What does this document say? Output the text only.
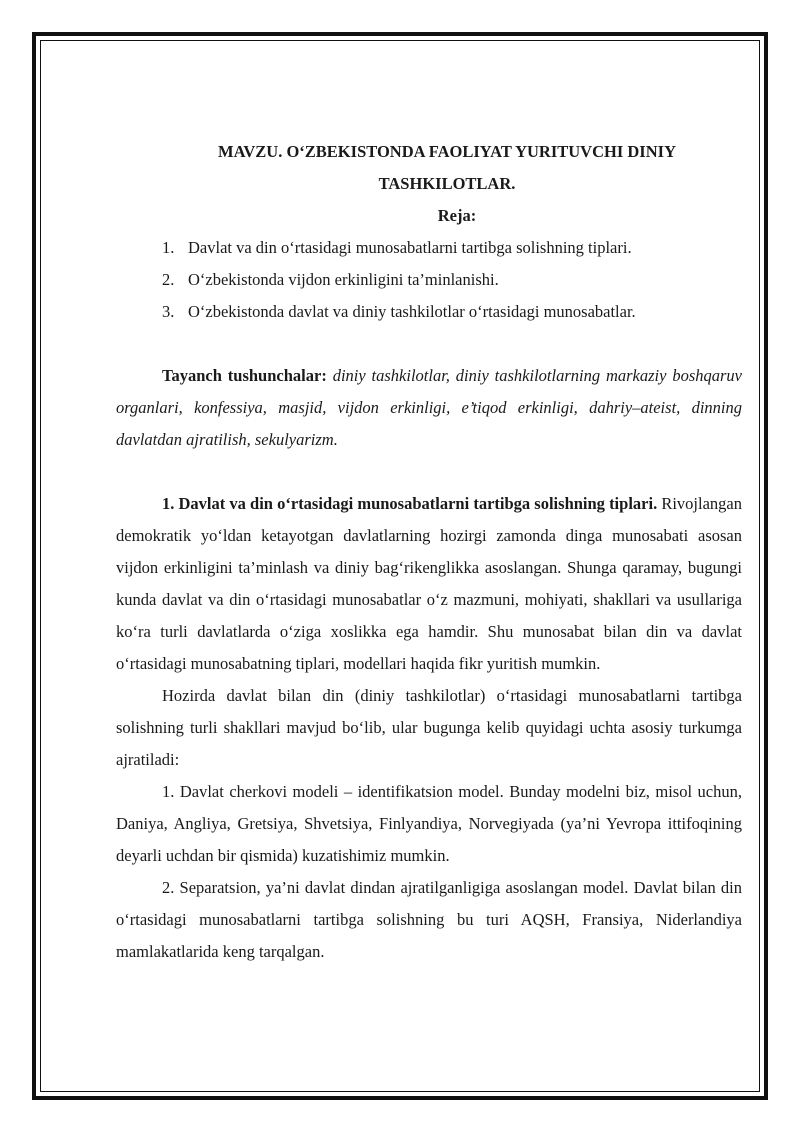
MAVZU. O‘ZBEKISTONDA FAOLIYAT YURITUVCHI DINIY
TASHKILOTLAR.
Reja:
1. Davlat va din o‘rtasidagi munosabatlarni tartibga solishning tiplari.
2. O‘zbekistonda vijdon erkinligini ta’minlanishi.
3. O‘zbekistonda davlat va diniy tashkilotlar o‘rtasidagi munosabatlar.

Tayanch tushunchalar: diniy tashkilotlar, diniy tashkilotlarning markaziy boshqaruv organlari, konfessiya, masjid, vijdon erkinligi, e’tiqod erkinligi, dahriy–ateist, dinning davlatdan ajratilish, sekulyarizm.

1. Davlat va din o‘rtasidagi munosabatlarni tartibga solishning tiplari. Rivojlangan demokratik yo‘ldan ketayotgan davlatlarning hozirgi zamonda dinga munosabati asosan vijdon erkinligini ta’minlash va diniy bag‘rikenglikka asoslangan. Shunga qaramay, bugungi kunda davlat va din o‘rtasidagi munosabatlar o‘z mazmuni, mohiyati, shakllari va usullariga ko‘ra turli davlatlarda o‘ziga xoslikka ega hamdir. Shu munosabat bilan din va davlat o‘rtasidagi munosabatning tiplari, modellari haqida fikr yuritish mumkin.

Hozirda davlat bilan din (diniy tashkilotlar) o‘rtasidagi munosabatlarni tartibga solishning turli shakllari mavjud bo‘lib, ular bugunga kelib quyidagi uchta asosiy turkumga ajratiladi:

1. Davlat cherkovi modeli – identifikatsion model. Bunday modelni biz, misol uchun, Daniya, Angliya, Gretsiya, Shvetsiya, Finlyandiya, Norvegiyada (ya’ni Yevropa ittifoqining deyarli uchdan bir qismida) kuzatishimiz mumkin.

2. Separatsion, ya’ni davlat dindan ajratilganligiga asoslangan model. Davlat bilan din o‘rtasidagi munosabatlarni tartibga solishning bu turi AQSH, Fransiya, Niderlandiya mamlakatlarida keng tarqalgan.
